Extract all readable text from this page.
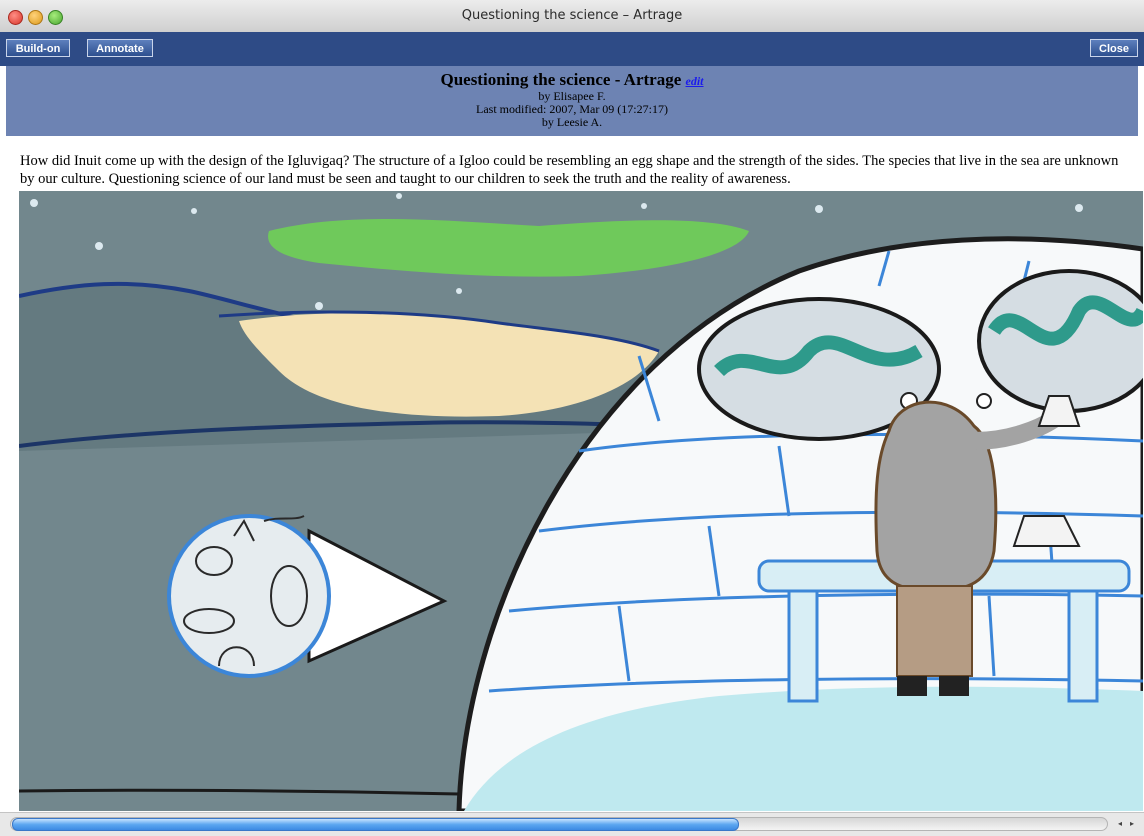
Questioning the science – Artrage
Build-on	Annotate	Close
Questioning the science - Artrage edit
by Elisapee F.
Last modified: 2007, Mar 09 (17:27:17)
by Leesie A.
How did Inuit come up with the design of the Igluvigaq? The structure of a Igloo could be resembling an egg shape and the strength of the sides. The species that live in the sea are unknown by our culture. Questioning science of our land must be seen and taught to our children to seek the truth and the reality of awareness.
◂ ▸
